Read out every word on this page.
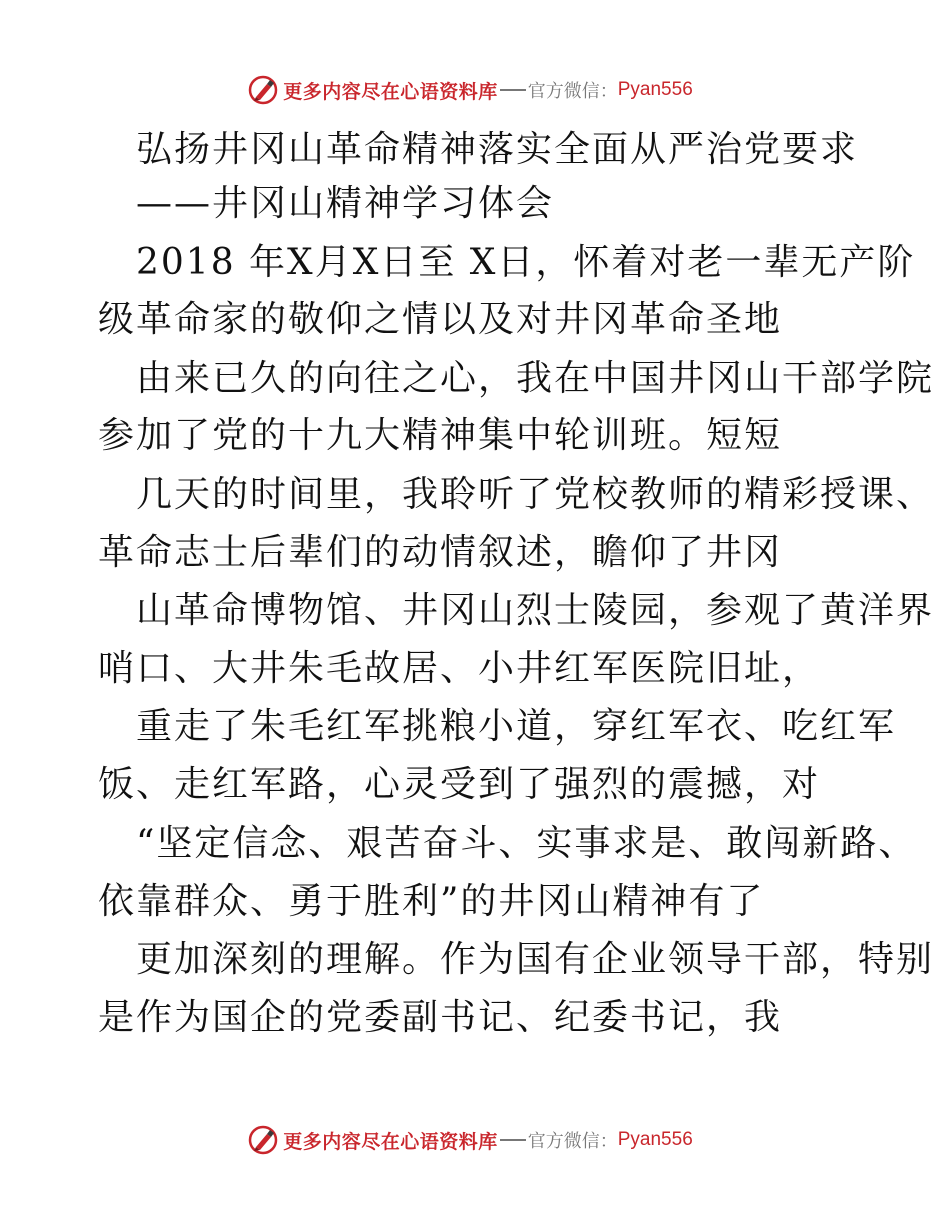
更多内容尽在心语资料库 官方微信： Pyan556
弘扬井冈山革命精神落实全面从严治党要求
——井冈山精神学习体会
2018 年X月X日至 X日，怀着对老一辈无产阶
级革命家的敬仰之情以及对井冈革命圣地
由来已久的向往之心，我在中国井冈山干部学院
参加了党的十九大精神集中轮训班。短短
几天的时间里，我聆听了党校教师的精彩授课、
革命志士后辈们的动情叙述，瞻仰了井冈
山革命博物馆、井冈山烈士陵园，参观了黄洋界
哨口、大井朱毛故居、小井红军医院旧址，
重走了朱毛红军挑粮小道，穿红军衣、吃红军
饭、走红军路，心灵受到了强烈的震撼，对
“坚定信念、艰苦奋斗、实事求是、敢闯新路、
依靠群众、勇于胜利”的井冈山精神有了
更加深刻的理解。作为国有企业领导干部，特别
是作为国企的党委副书记、纪委书记，我
更多内容尽在心语资料库 官方微信： Pyan556
